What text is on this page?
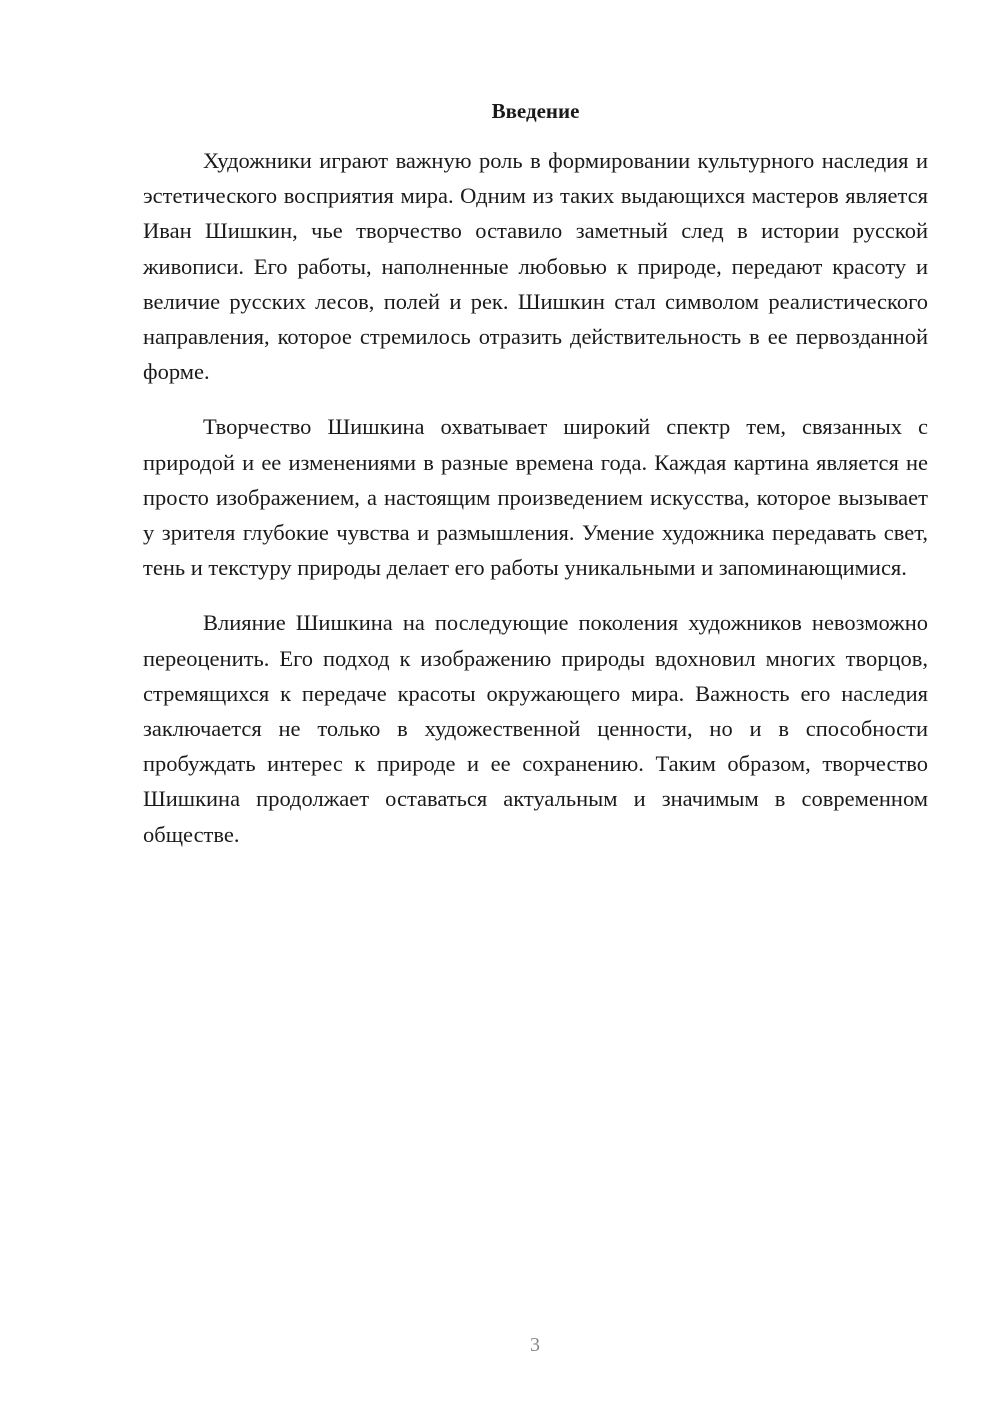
Введение

Художники играют важную роль в формировании культурного наследия и эстетического восприятия мира. Одним из таких выдающихся мастеров является Иван Шишкин, чье творчество оставило заметный след в истории русской живописи. Его работы, наполненные любовью к природе, передают красоту и величие русских лесов, полей и рек. Шишкин стал символом реалистического направления, которое стремилось отразить действительность в ее первозданной форме.

Творчество Шишкина охватывает широкий спектр тем, связанных с природой и ее изменениями в разные времена года. Каждая картина является не просто изображением, а настоящим произведением искусства, которое вызывает у зрителя глубокие чувства и размышления. Умение художника передавать свет, тень и текстуру природы делает его работы уникальными и запоминающимися.

Влияние Шишкина на последующие поколения художников невозможно переоценить. Его подход к изображению природы вдохновил многих творцов, стремящихся к передаче красоты окружающего мира. Важность его наследия заключается не только в художественной ценности, но и в способности пробуждать интерес к природе и ее сохранению. Таким образом, творчество Шишкина продолжает оставаться актуальным и значимым в современном обществе.

3
